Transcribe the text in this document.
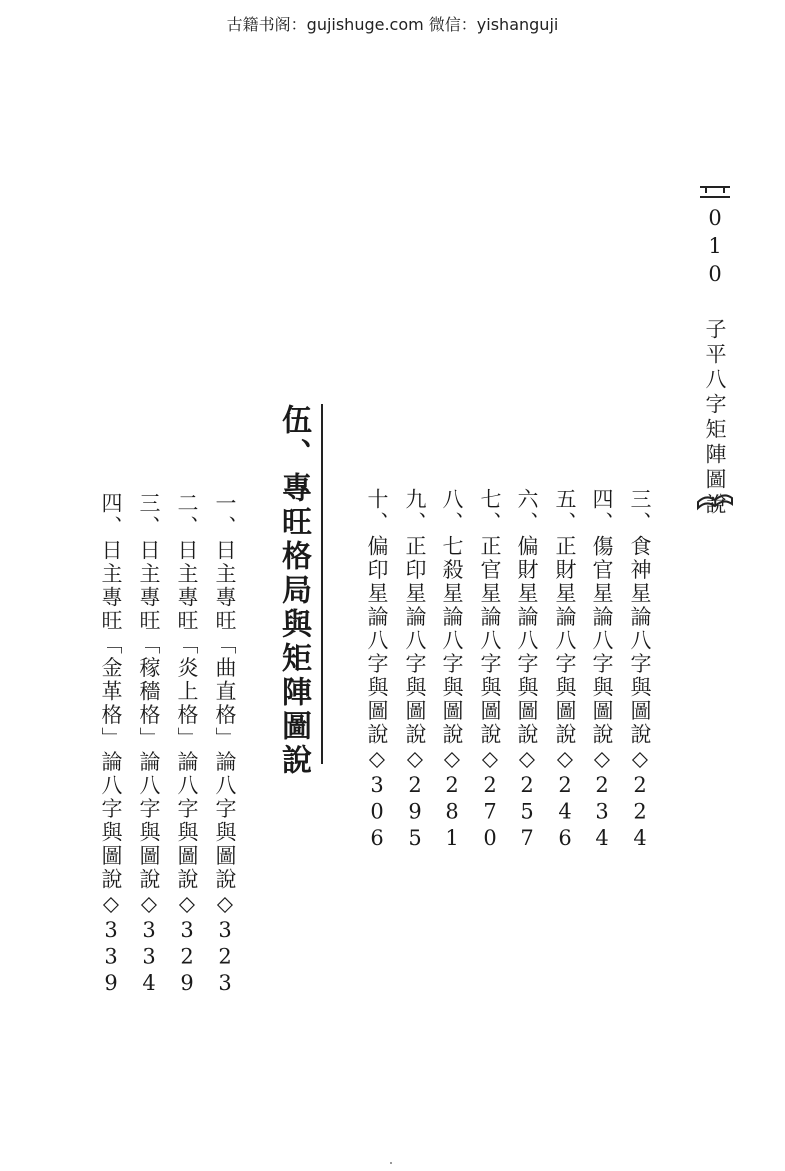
古籍书阁：gujishuge.com 微信：yishanguji
010子平八字矩陣圖說
三、食神星論八字與圖說◇224
四、傷官星論八字與圖說◇234
五、正財星論八字與圖說◇246
六、偏財星論八字與圖說◇257
七、正官星論八字與圖說◇270
八、七殺星論八字與圖說◇281
九、正印星論八字與圖說◇295
十、偏印星論八字與圖說◇306
伍、專旺格局與矩陣圖說
一、日主專旺「曲直格」論八字與圖說◇323
二、日主專旺「炎上格」論八字與圖說◇329
三、日主專旺「稼穡格」論八字與圖說◇334
四、日主專旺「金革格」論八字與圖說◇339
